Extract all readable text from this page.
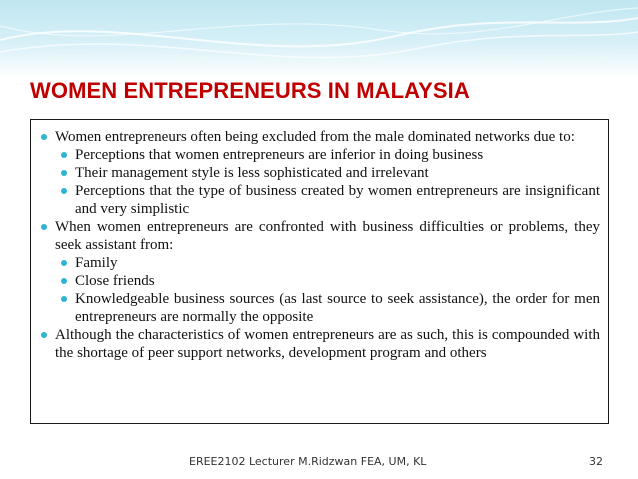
WOMEN ENTREPRENEURS IN MALAYSIA
Women entrepreneurs often being excluded from the male dominated networks due to:
Perceptions that women entrepreneurs are inferior in doing business
Their management style is less sophisticated and irrelevant
Perceptions that the type of business created by women entrepreneurs are insignificant and very simplistic
When women entrepreneurs are confronted with business difficulties or problems, they seek assistant from:
Family
Close friends
Knowledgeable business sources (as last source to seek assistance), the order for men entrepreneurs are normally the opposite
Although the characteristics of women entrepreneurs are as such, this is compounded with the shortage of peer support networks, development program and others
EREE2102 Lecturer M.Ridzwan FEA, UM, KL	32
